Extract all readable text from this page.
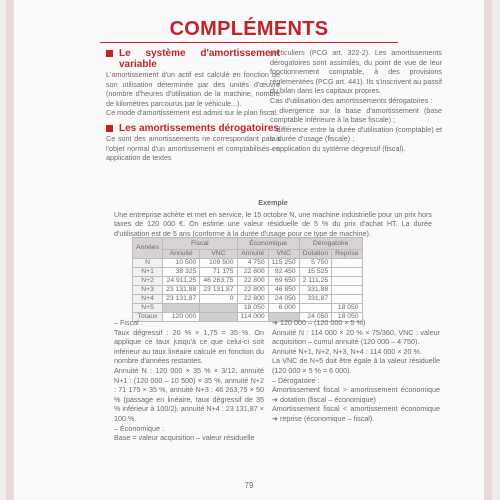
COMPLÉMENTS
Le système d'amortissement variable

L'amortissement d'un actif est calculé en fonction de son utilisation déterminée par des unités d'œuvre (nombre d'heures d'utilisation de la machine, nombre de kilomètres parcourus par le véhicule...).

Ce mode d'amortissement est admis sur le plan fiscal.

Les amortissements dérogatoires

Ce sont des amortissements ne correspondant pas à l'objet normal d'un amortissement et comptabilisés en application de textes

particuliers (PCG art. 322-2). Les amortissements dérogatoires sont assimilés, du point de vue de leur fonctionnement comptable, à des provisions réglementées (PCG art. 441). Ils s'inscrivent au passif du bilan dans les capitaux propres.

Cas d'utilisation des amortissements dérogatoires :

– divergence sur la base d'amortissement (base comptable inférieure à la base fiscale) ;

– différence entre la durée d'utilisation (comptable) et la durée d'usage (fiscale) ;

– application du système dégressif (fiscal).

Exemple
Une entreprise achète et met en service, le 15 octobre N, une machine industrielle pour un prix hors taxes de 120 000 €. On estime une valeur résiduelle de 5 % du prix d'achat HT. La durée d'utilisation est de 5 ans (conforme à la durée d'usage pour ce type de machine).
Années	Fiscal		Économique		Dérogatoire	
	Annuité	VNC	Annuité	VNC	Dotation	Reprise
N	10 500	109 500	4 750	115 250	5 750	
N+1	38 325	71 175	22 800	92 450	15 525	
N+2	24 911,25	46 263,75	22 800	69 650	2 111,25	
N+3	23 131,88	23 131,87	22 800	46 850	331,88	
N+4	23 131,87	0	22 800	24 050	331,87	
N+5			18 050	6 000		18 050
Totaux	120 000		114 000		24 050	18 050

– Fiscal :

Taux dégressif : 20 % × 1,75 = 35 %. On applique ce taux jusqu'à ce que celui-ci soit inférieur au taux linéaire calculé en fonction du nombre d'années restantes.

Annuité N : 120 000 × 35 % × 3/12, annuité N+1 : (120 000 – 10 500) × 35 %, annuité N+2 : 71 175 × 35 %, annuité N+3 : 46 263,75 × 50 % (passage en linéaire, taux dégressif de 35 % inférieur à 100/2), annuité N+4 : 23 131,87 × 100 %.

– Économique :

Base = valeur acquisition – valeur résiduelle

➔ 120 000 – (120 000 × 5 %)

Annuité N : 114 000 × 20 % × 75/360, VNC : valeur acquisition – cumul annuité (120 000 – 4 750).

Annuité N+1, N+2, N+3, N+4 : 114 000 × 20 %.

La VNC de N+5 doit être égale à la valeur résiduelle (120 000 × 5 % = 6 000).

– Dérogatoire :

Amortissement fiscal > amortissement économique ➔ dotation (fiscal – économique)

Amortissement fiscal < amortissement économique ➔ reprise (économique – fiscal).

79
